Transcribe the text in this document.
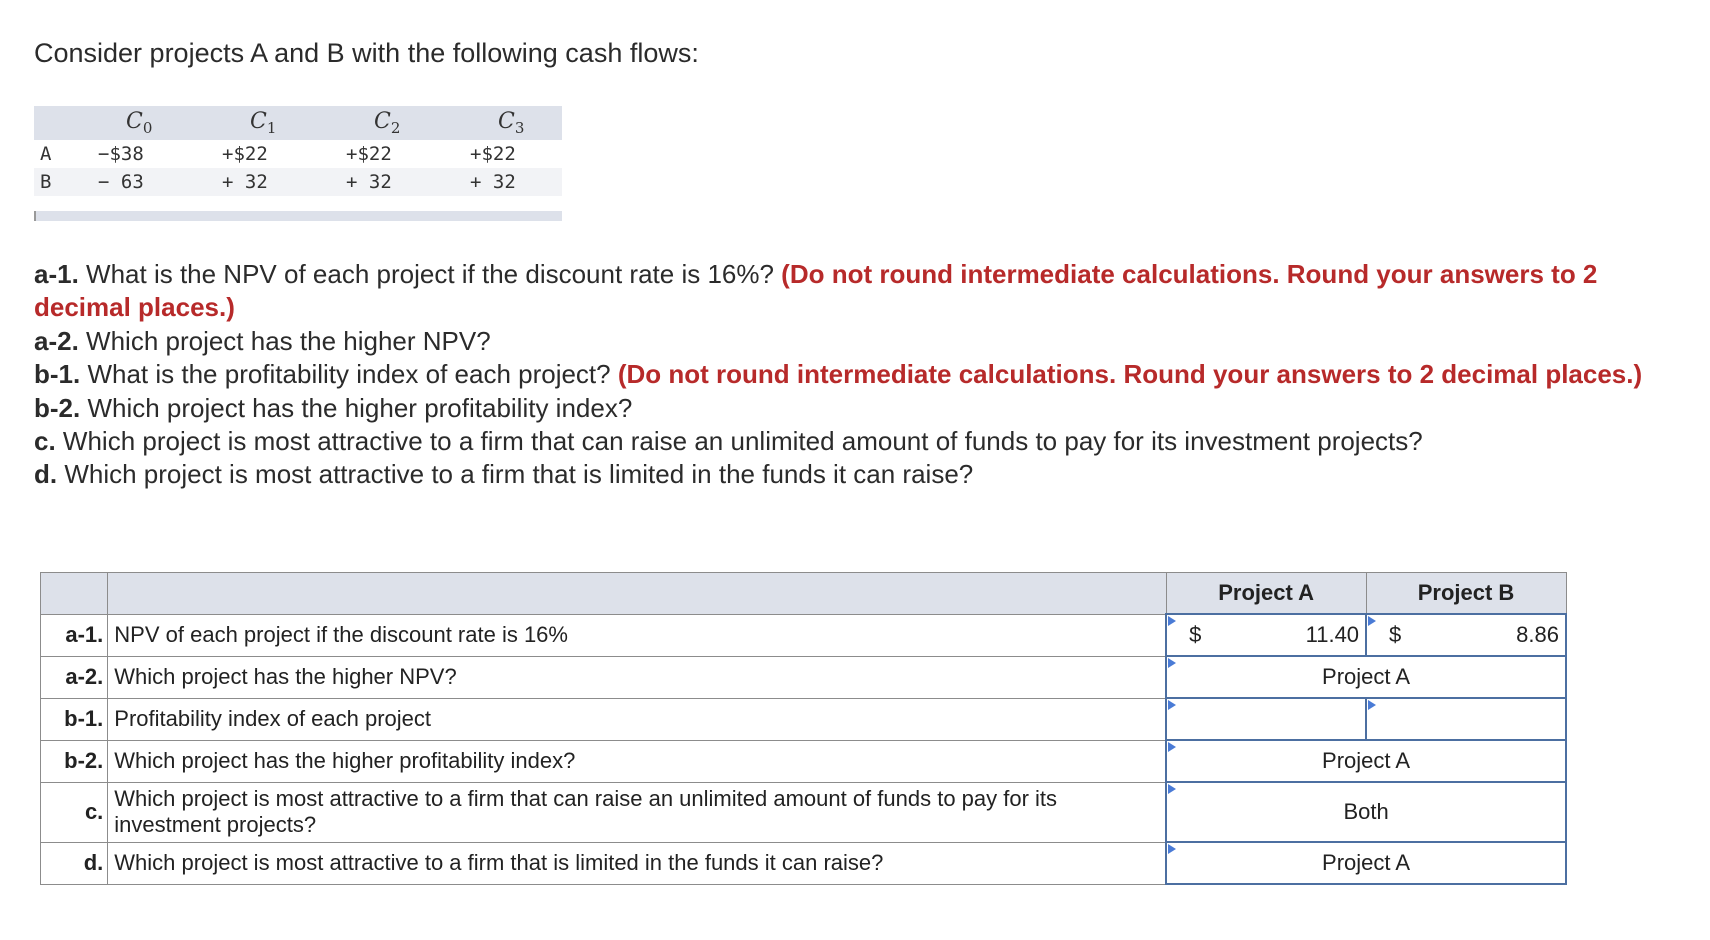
Consider projects A and B with the following cash flows:
$C_0$	$C_1$	$C_2$	$C_3$
A −$38	+$22	+$22	+$22
B − 63	+ 32	+ 32	+ 32

a-1. What is the NPV of each project if the discount rate is 16%? (Do not round intermediate calculations. Round your answers to 2 decimal places.)

a-2. Which project has the higher NPV?

b-1. What is the profitability index of each project? (Do not round intermediate calculations. Round your answers to 2 decimal places.)

b-2. Which project has the higher profitability index?

c. Which project is most attractive to a firm that can raise an unlimited amount of funds to pay for its investment projects?

d. Which project is most attractive to a firm that is limited in the funds it can raise?

		Project A	Project B
a-1.	NPV of each project if the discount rate is 16%	$ 11.40	$ 8.86

a-2.	Which project has the higher NPV?	Project A	
b-1.	Profitability index of each project	

b-2.	Which project has the higher profitability index?	Project A	
c.	Which project is most attractive to a firm that can raise an unlimited amount of funds to pay for its investment projects?	Both	
d.	Which project is most attractive to a firm that is limited in the funds it can raise?	Project A	
